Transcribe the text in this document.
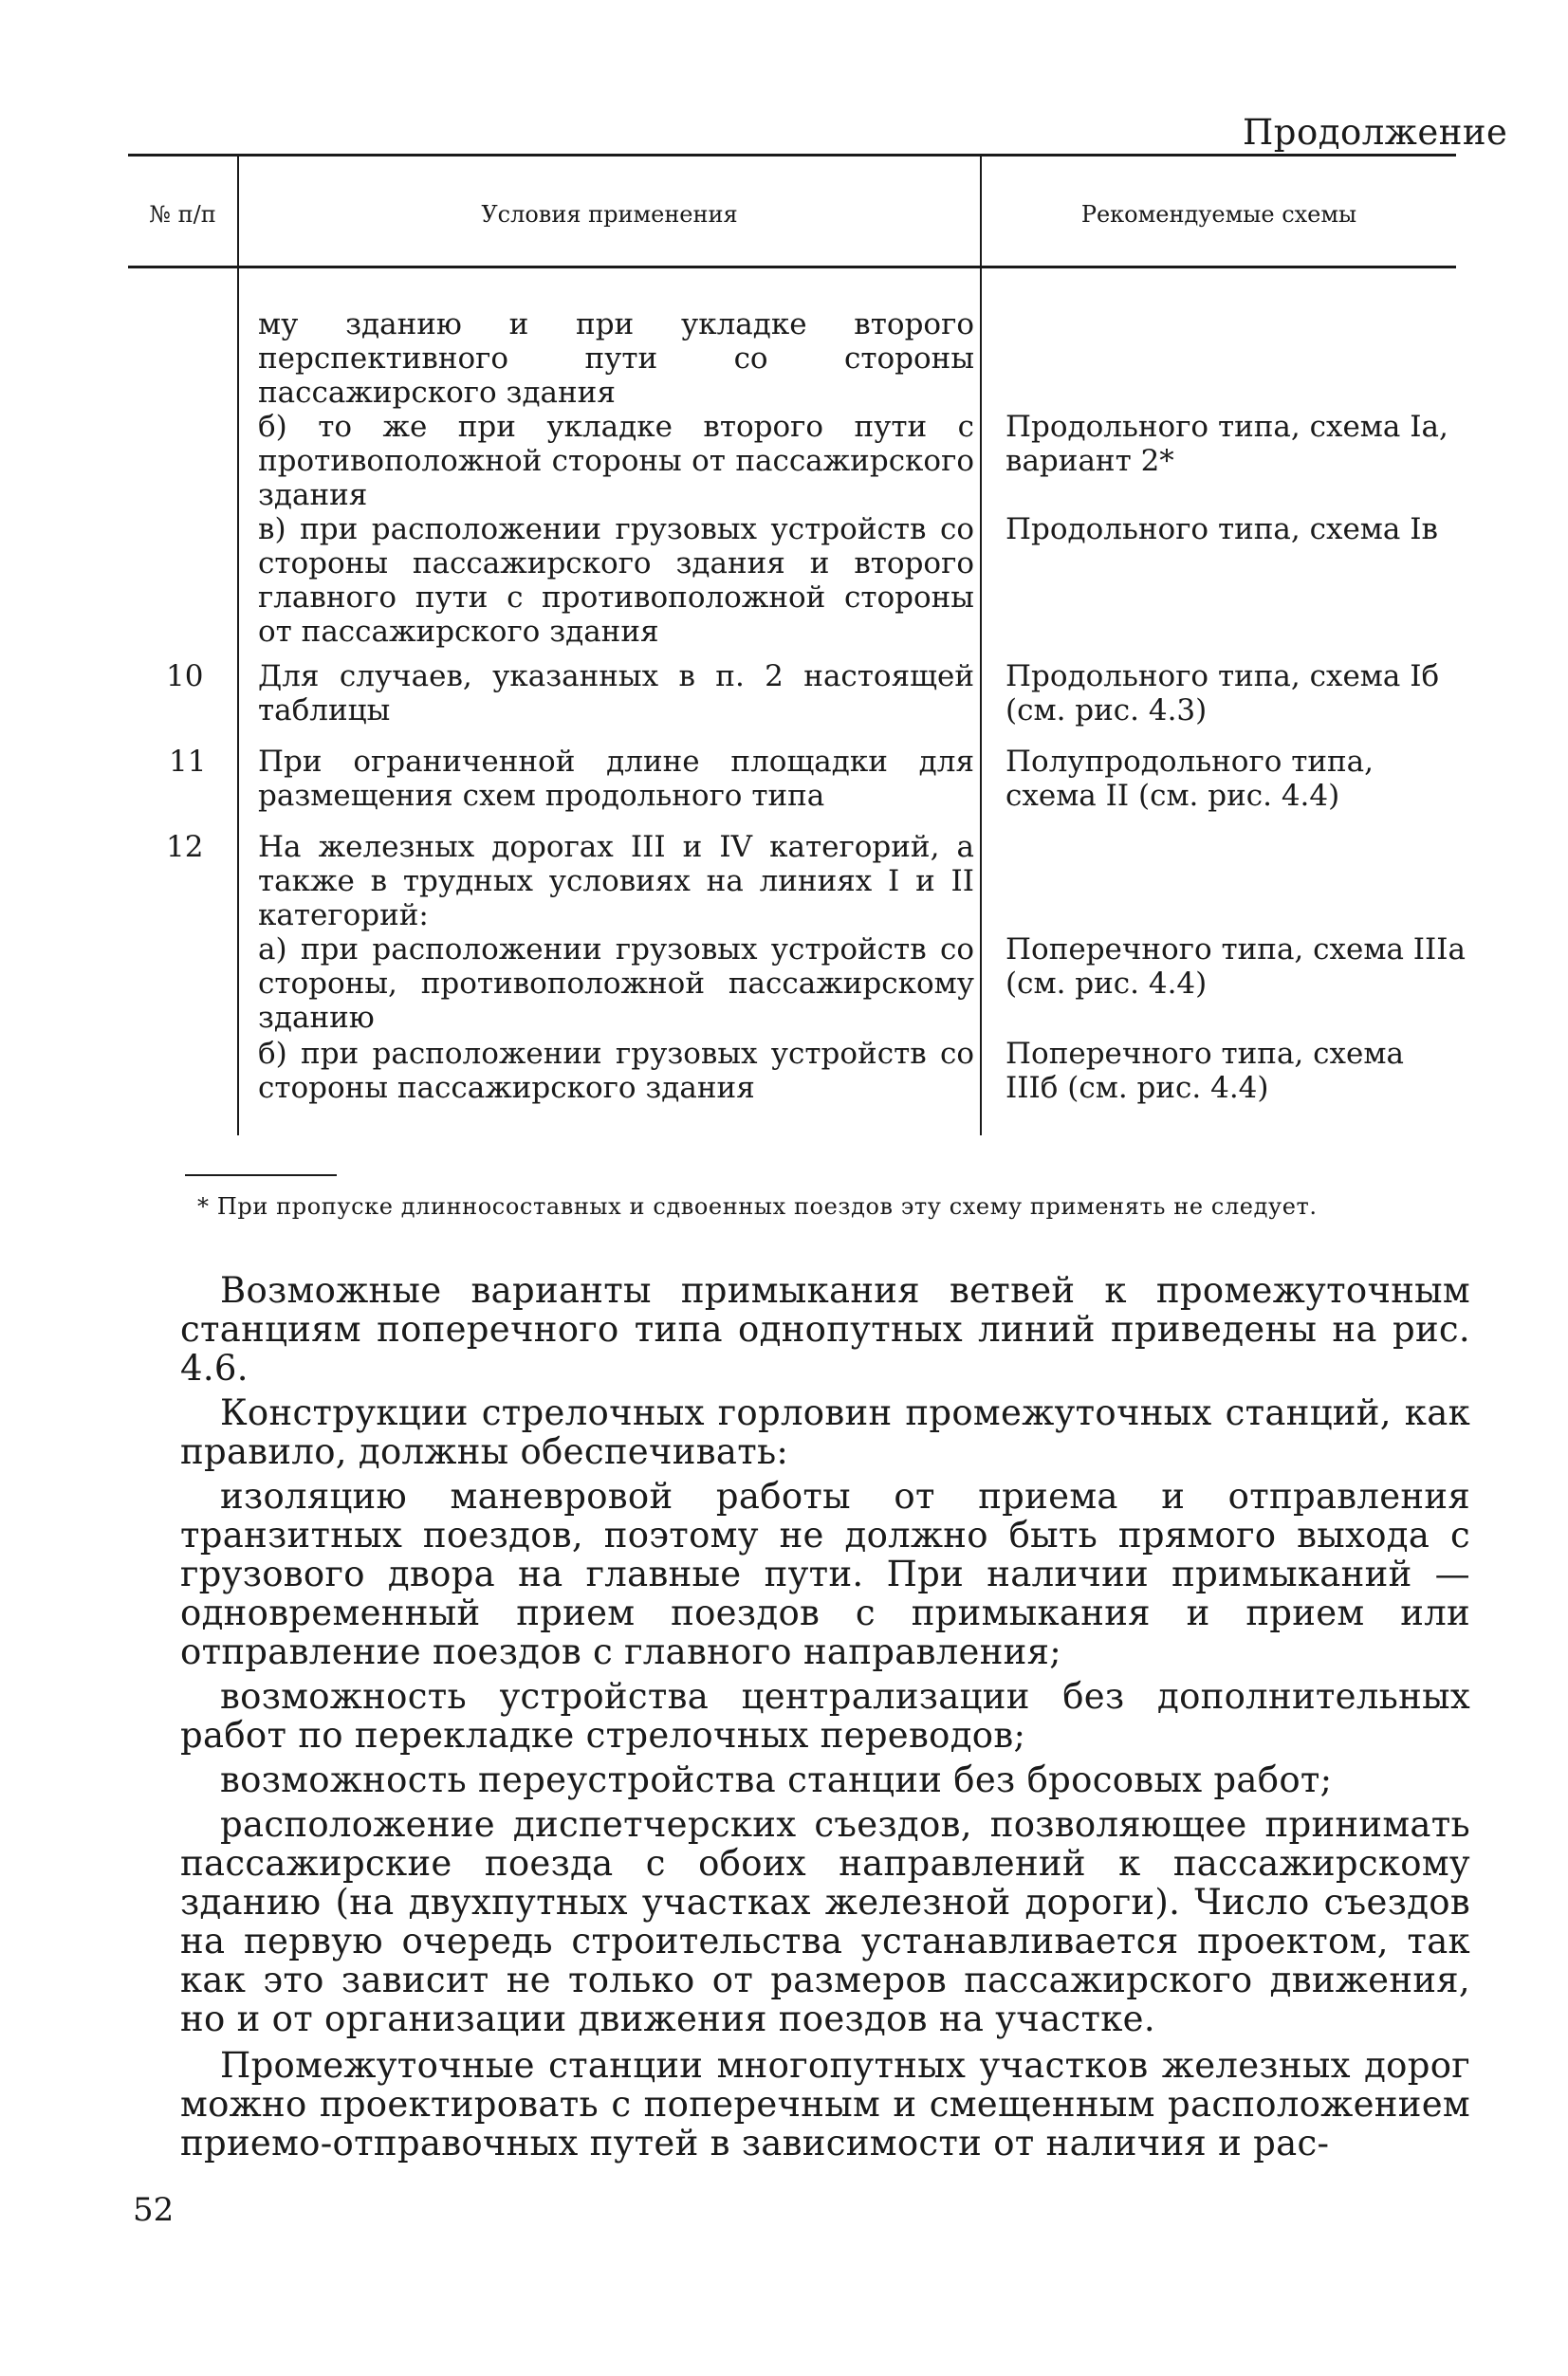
Продолжение
№ п/п	Условия применения	Рекомендуемые схемы
му зданию и при укладке второго перспективного пути со стороны пассажирского здания
б) то же при укладке второго пути с противоположной стороны от пассажирского здания
Продольного типа, схема Iа, вариант 2*
в) при расположении грузовых устройств со стороны пассажирского здания и второго главного пути с противоположной стороны от пассажирского здания
Продольного типа, схема Iв
10 Для случаев, указанных в п. 2 настоящей таблицы
Продольного типа, схема Iб (см. рис. 4.3)
11 При ограниченной длине площадки для размещения схем продольного типа
Полупродольного типа, схема II (см. рис. 4.4)
12 На железных дорогах III и IV категорий, а также в трудных условиях на линиях I и II категорий:
а) при расположении грузовых устройств со стороны, противоположной пассажирскому зданию
Поперечного типа, схема IIIа (см. рис. 4.4)
б) при расположении грузовых устройств со стороны пассажирского здания
Поперечного типа, схема IIIб (см. рис. 4.4)
* При пропуске длинносоставных и сдвоенных поездов эту схему применять не следует.

Возможные варианты примыкания ветвей к промежуточным станциям поперечного типа однопутных линий приведены на рис. 4.6.

Конструкции стрелочных горловин промежуточных станций, как правило, должны обеспечивать:

изоляцию маневровой работы от приема и отправления транзитных поездов, поэтому не должно быть прямого выхода с грузового двора на главные пути. При наличии примыканий — одновременный прием поездов с примыкания и прием или отправление поездов с главного направления;

возможность устройства централизации без дополнительных работ по перекладке стрелочных переводов;

возможность переустройства станции без бросовых работ;

расположение диспетчерских съездов, позволяющее принимать пассажирские поезда с обоих направлений к пассажирскому зданию (на двухпутных участках железной дороги). Число съездов на первую очередь строительства устанавливается проектом, так как это зависит не только от размеров пассажирского движения, но и от организации движения поездов на участке.

Промежуточные станции многопутных участков железных дорог можно проектировать с поперечным и смещенным расположением приемо-отправочных путей в зависимости от наличия и рас-

52
